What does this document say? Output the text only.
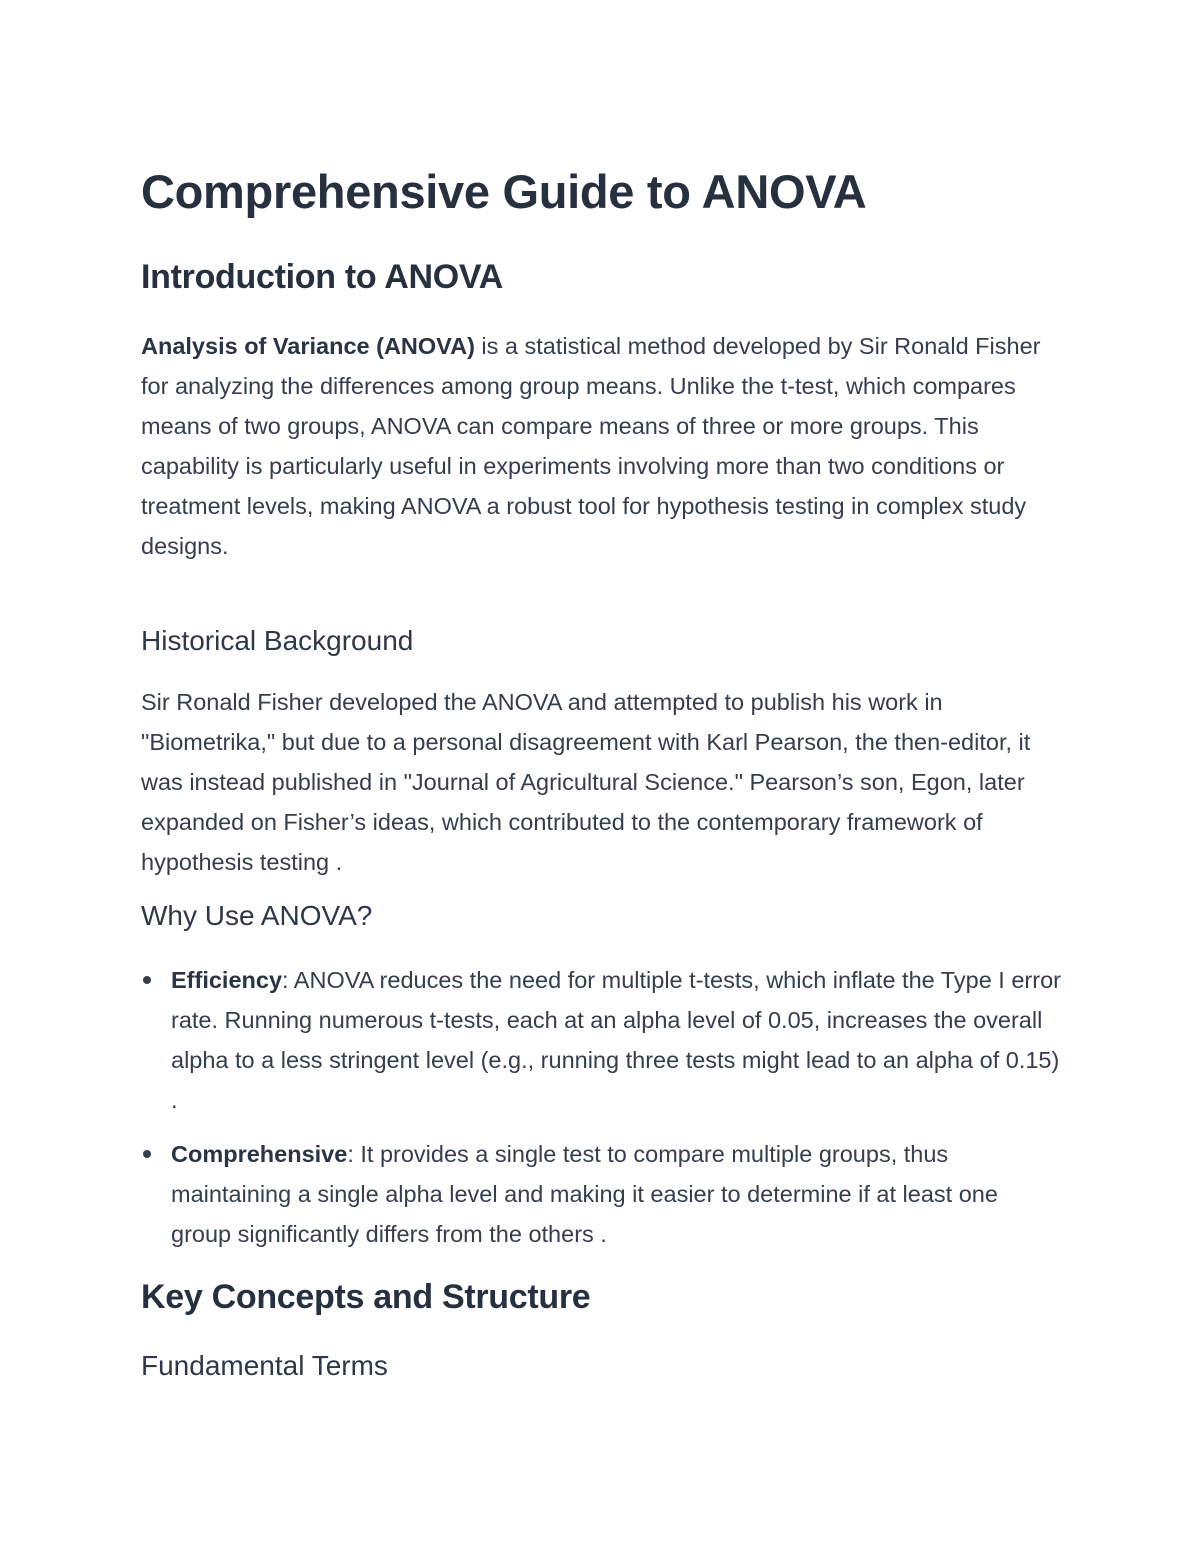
Comprehensive Guide to ANOVA
Introduction to ANOVA

Analysis of Variance (ANOVA) is a statistical method developed by Sir Ronald Fisher for analyzing the differences among group means. Unlike the t-test, which compares means of two groups, ANOVA can compare means of three or more groups. This capability is particularly useful in experiments involving more than two conditions or treatment levels, making ANOVA a robust tool for hypothesis testing in complex study designs.

Historical Background

Sir Ronald Fisher developed the ANOVA and attempted to publish his work in "Biometrika," but due to a personal disagreement with Karl Pearson, the then-editor, it was instead published in "Journal of Agricultural Science." Pearson’s son, Egon, later expanded on Fisher’s ideas, which contributed to the contemporary framework of hypothesis testing .

Why Use ANOVA?
Efficiency: ANOVA reduces the need for multiple t-tests, which inflate the Type I error rate. Running numerous t-tests, each at an alpha level of 0.05, increases the overall alpha to a less stringent level (e.g., running three tests might lead to an alpha of 0.15) .
Comprehensive: It provides a single test to compare multiple groups, thus maintaining a single alpha level and making it easier to determine if at least one group significantly differs from the others .
Key Concepts and Structure
Fundamental Terms
